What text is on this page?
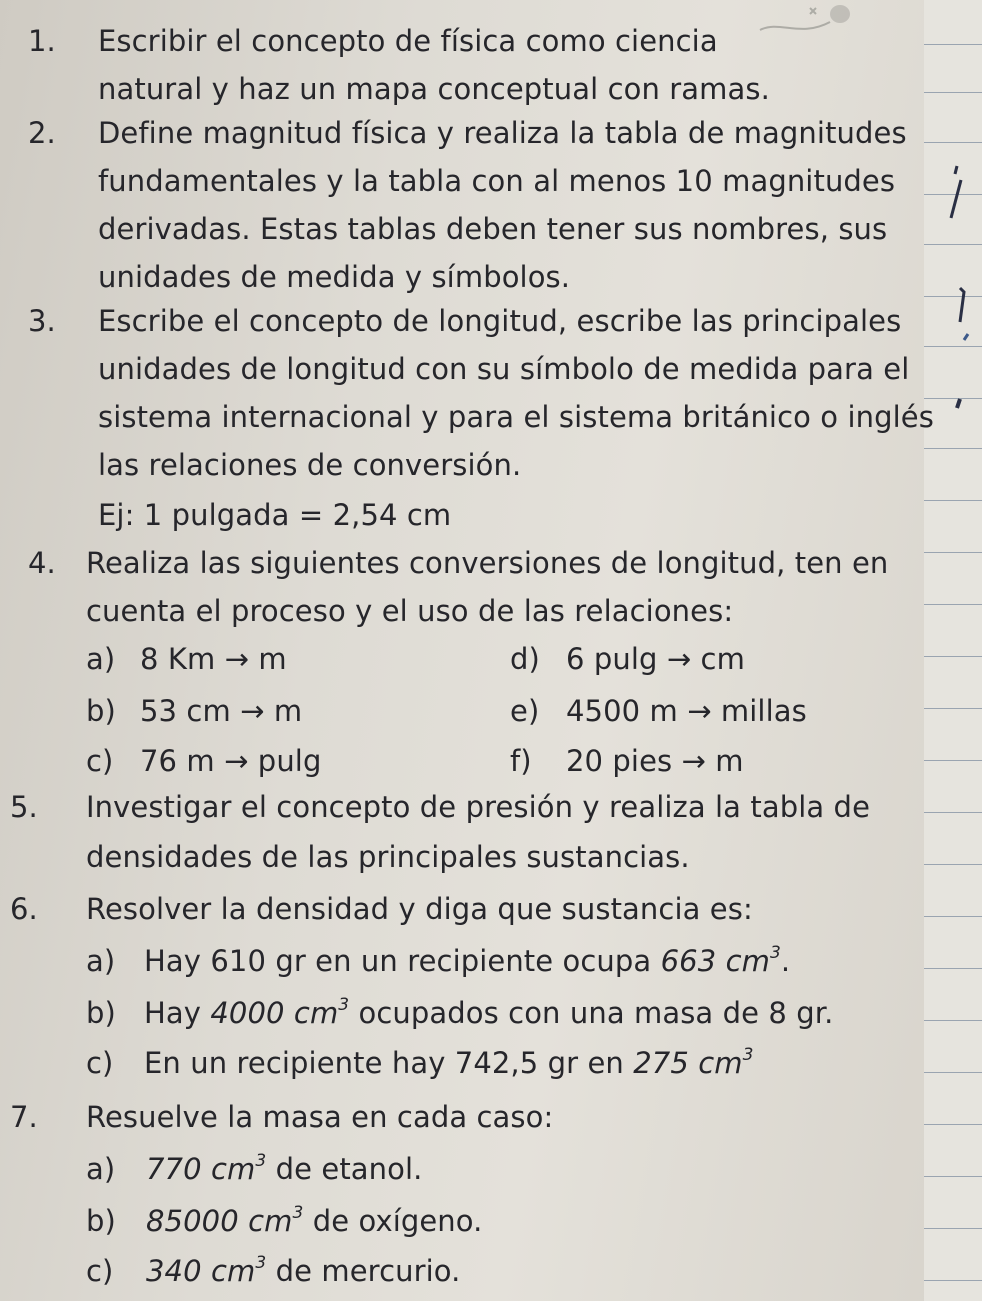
1. Escribir el concepto de física como ciencia
natural y haz un mapa conceptual con ramas.
2. Define magnitud física y realiza la tabla de magnitudes
fundamentales y la tabla con al menos 10 magnitudes
derivadas. Estas tablas deben tener sus nombres, sus
unidades de medida y símbolos.
3. Escribe el concepto de longitud, escribe las principales
unidades de longitud con su símbolo de medida para el
sistema internacional y para el sistema británico o inglés
las relaciones de conversión.
Ej: 1 pulgada = 2,54 cm
4. Realiza las siguientes conversiones de longitud, ten en
cuenta el proceso y el uso de las relaciones:
a) 8 Km → m
b) 53 cm → m
c) 76 m → pulg
d) 6 pulg → cm
e) 4500 m → millas
f) 20 pies → m
5. Investigar el concepto de presión y realiza la tabla de
densidades de las principales sustancias.
6. Resolver la densidad y diga que sustancia es:
a) Hay 610 gr en un recipiente ocupa 663 $cm^3$.
b) Hay 4000 $cm^3$ ocupados con una masa de 8 gr.
c) En un recipiente hay 742,5 gr en 275 $cm^3$
7. Resuelve la masa en cada caso:
a) 770 $cm^3$ de etanol.
b) 85000 $cm^3$ de oxígeno.
c) 340 $cm^3$ de mercurio.
